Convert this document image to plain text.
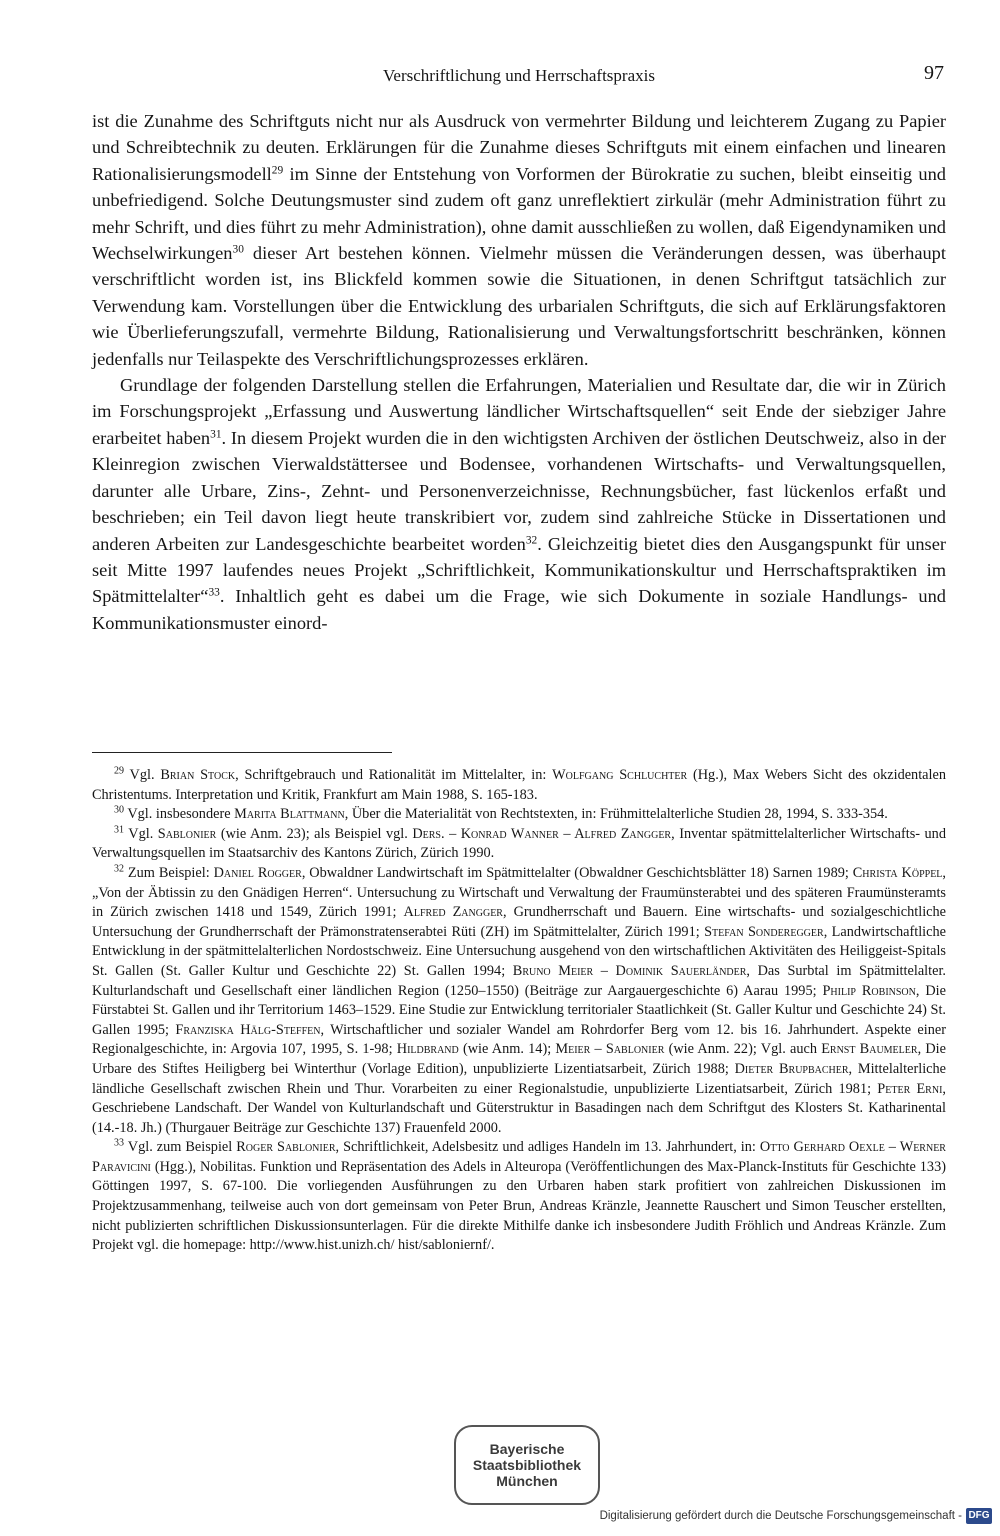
Verschriftlichung und Herrschaftspraxis	97

ist die Zunahme des Schriftguts nicht nur als Ausdruck von vermehrter Bildung und leichterem Zugang zu Papier und Schreibtechnik zu deuten. Erklärungen für die Zunahme dieses Schriftguts mit einem einfachen und linearen Rationalisierungsmodell$^{29}$ im Sinne der Entstehung von Vorformen der Bürokratie zu suchen, bleibt einseitig und unbefriedigend. Solche Deutungsmuster sind zudem oft ganz unreflektiert zirkulär (mehr Administration führt zu mehr Schrift, und dies führt zu mehr Administration), ohne damit ausschließen zu wollen, daß Eigendynamiken und Wechselwirkungen$^{30}$ dieser Art bestehen können. Vielmehr müssen die Veränderungen dessen, was überhaupt verschriftlicht worden ist, ins Blickfeld kommen sowie die Situationen, in denen Schriftgut tatsächlich zur Verwendung kam. Vorstellungen über die Entwicklung des urbarialen Schriftguts, die sich auf Erklärungsfaktoren wie Überlieferungszufall, vermehrte Bildung, Rationalisierung und Verwaltungsfortschritt beschränken, können jedenfalls nur Teilaspekte des Verschriftlichungsprozesses erklären.

Grundlage der folgenden Darstellung stellen die Erfahrungen, Materialien und Resultate dar, die wir in Zürich im Forschungsprojekt „Erfassung und Auswertung ländlicher Wirtschaftsquellen“ seit Ende der siebziger Jahre erarbeitet haben$^{31}$. In diesem Projekt wurden die in den wichtigsten Archiven der östlichen Deutschweiz, also in der Kleinregion zwischen Vierwaldstättersee und Bodensee, vorhandenen Wirtschafts- und Verwaltungsquellen, darunter alle Urbare, Zins-, Zehnt- und Personenverzeichnisse, Rechnungsbücher, fast lückenlos erfaßt und beschrieben; ein Teil davon liegt heute transkribiert vor, zudem sind zahlreiche Stücke in Dissertationen und anderen Arbeiten zur Landesgeschichte bearbeitet worden$^{32}$. Gleichzeitig bietet dies den Ausgangspunkt für unser seit Mitte 1997 laufendes neues Projekt „Schriftlichkeit, Kommunikationskultur und Herrschaftspraktiken im Spätmittelalter“$^{33}$. Inhaltlich geht es dabei um die Frage, wie sich Dokumente in soziale Handlungs- und Kommunikationsmuster einord-

$^{29}$ Vgl. Brian Stock, Schriftgebrauch und Rationalität im Mittelalter, in: Wolfgang Schluchter (Hg.), Max Webers Sicht des okzidentalen Christentums. Interpretation und Kritik, Frankfurt am Main 1988, S. 165-183.

$^{30}$ Vgl. insbesondere Marita Blattmann, Über die Materialität von Rechtstexten, in: Frühmittelalterliche Studien 28, 1994, S. 333-354.

$^{31}$ Vgl. Sablonier (wie Anm. 23); als Beispiel vgl. Ders. – Konrad Wanner – Alfred Zangger, Inventar spätmittelalterlicher Wirtschafts- und Verwaltungsquellen im Staatsarchiv des Kantons Zürich, Zürich 1990.

$^{32}$ Zum Beispiel: Daniel Rogger, Obwaldner Landwirtschaft im Spätmittelalter (Obwaldner Geschichtsblätter 18) Sarnen 1989; Christa Köppel, „Von der Äbtissin zu den Gnädigen Herren“. Untersuchung zu Wirtschaft und Verwaltung der Fraumünsterabtei und des späteren Fraumünsteramts in Zürich zwischen 1418 und 1549, Zürich 1991; Alfred Zangger, Grundherrschaft und Bauern. Eine wirtschafts- und sozialgeschichtliche Untersuchung der Grundherrschaft der Prämonstratenserabtei Rüti (ZH) im Spätmittelalter, Zürich 1991; Stefan Sonderegger, Landwirtschaftliche Entwicklung in der spätmittelalterlichen Nordostschweiz. Eine Untersuchung ausgehend von den wirtschaftlichen Aktivitäten des Heiliggeist-Spitals St. Gallen (St. Galler Kultur und Geschichte 22) St. Gallen 1994; Bruno Meier – Dominik Sauerländer, Das Surbtal im Spätmittelalter. Kulturlandschaft und Gesellschaft einer ländlichen Region (1250–1550) (Beiträge zur Aargauergeschichte 6) Aarau 1995; Philip Robinson, Die Fürstabtei St. Gallen und ihr Territorium 1463–1529. Eine Studie zur Entwicklung territorialer Staatlichkeit (St. Galler Kultur und Geschichte 24) St. Gallen 1995; Franziska Hälg-Steffen, Wirtschaftlicher und sozialer Wandel am Rohrdorfer Berg vom 12. bis 16. Jahrhundert. Aspekte einer Regionalgeschichte, in: Argovia 107, 1995, S. 1-98; Hildbrand (wie Anm. 14); Meier – Sablonier (wie Anm. 22); Vgl. auch Ernst Baumeler, Die Urbare des Stiftes Heiligberg bei Winterthur (Vorlage Edition), unpublizierte Lizentiatsarbeit, Zürich 1988; Dieter Brupbacher, Mittelalterliche ländliche Gesellschaft zwischen Rhein und Thur. Vorarbeiten zu einer Regionalstudie, unpublizierte Lizentiatsarbeit, Zürich 1981; Peter Erni, Geschriebene Landschaft. Der Wandel von Kulturlandschaft und Güterstruktur in Basadingen nach dem Schriftgut des Klosters St. Katharinental (14.-18. Jh.) (Thurgauer Beiträge zur Geschichte 137) Frauenfeld 2000.

$^{33}$ Vgl. zum Beispiel Roger Sablonier, Schriftlichkeit, Adelsbesitz und adliges Handeln im 13. Jahrhundert, in: Otto Gerhard Oexle – Werner Paravicini (Hgg.), Nobilitas. Funktion und Repräsentation des Adels in Alteuropa (Veröffentlichungen des Max-Planck-Instituts für Geschichte 133) Göttingen 1997, S. 67-100. Die vorliegenden Ausführungen zu den Urbaren haben stark profitiert von zahlreichen Diskussionen im Projektzusammenhang, teilweise auch von dort gemeinsam von Peter Brun, Andreas Kränzle, Jeannette Rauschert und Simon Teuscher erstellten, nicht publizierten schriftlichen Diskussionsunterlagen. Für die direkte Mithilfe danke ich insbesondere Judith Fröhlich und Andreas Kränzle. Zum Projekt vgl. die homepage: http://www.hist.unizh.ch/ hist/sabloniernf/.

Bayerische
Staatsbibliothek
München
Digitalisierung gefördert durch die Deutsche Forschungsgemeinschaft - DFG
